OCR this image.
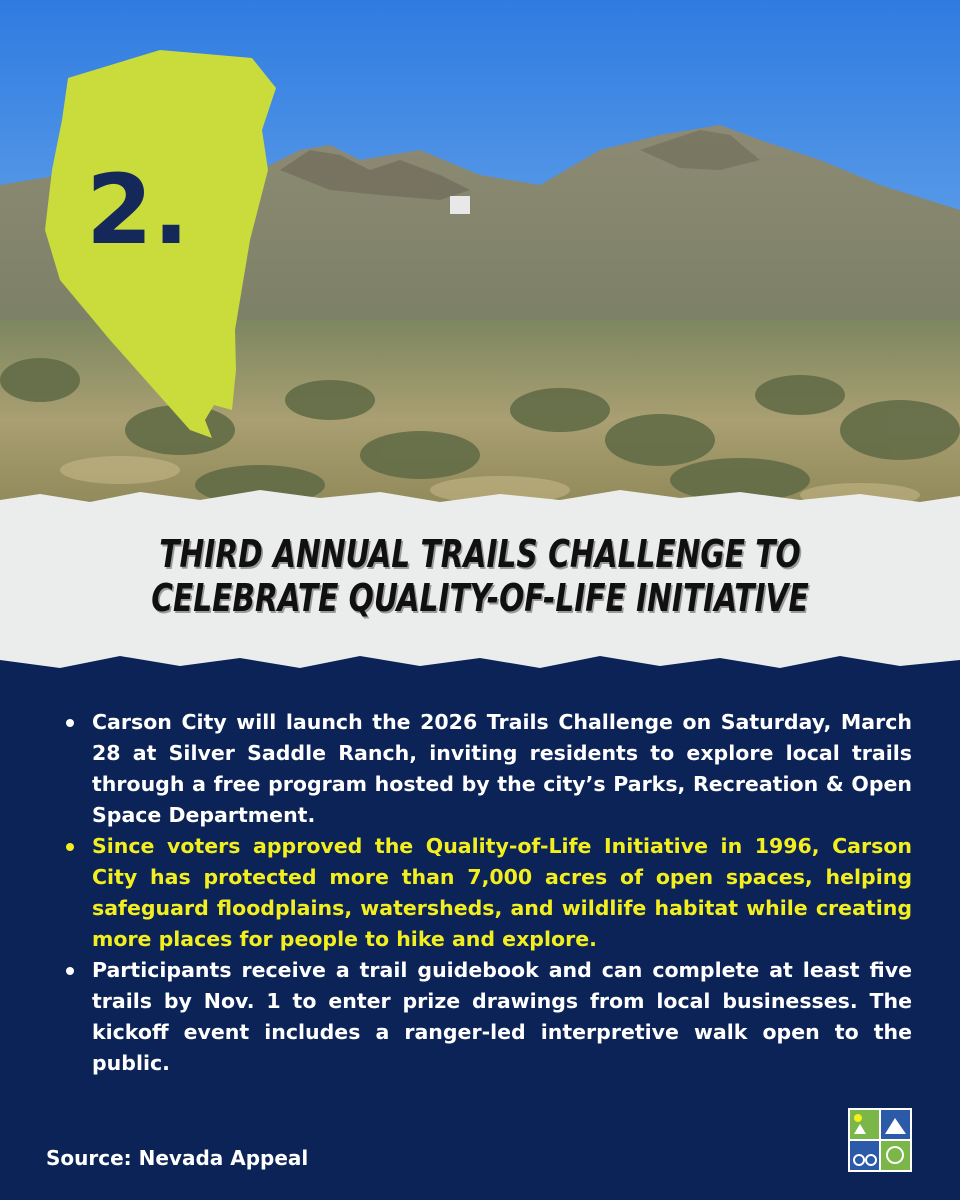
2.
THIRD ANNUAL TRAILS CHALLENGE TO
CELEBRATE QUALITY-OF-LIFE INITIATIVE
Carson City will launch the 2026 Trails Challenge on Saturday, March 28 at Silver Saddle Ranch, inviting residents to explore local trails through a free program hosted by the city’s Parks, Recreation & Open Space Department.
Since voters approved the Quality-of-Life Initiative in 1996, Carson City has protected more than 7,000 acres of open spaces, helping safeguard floodplains, watersheds, and wildlife habitat while creating more places for people to hike and explore.
Participants receive a trail guidebook and can complete at least five trails by Nov. 1 to enter prize drawings from local businesses. The kickoff event includes a ranger-led interpretive walk open to the public.
Source: Nevada Appeal
